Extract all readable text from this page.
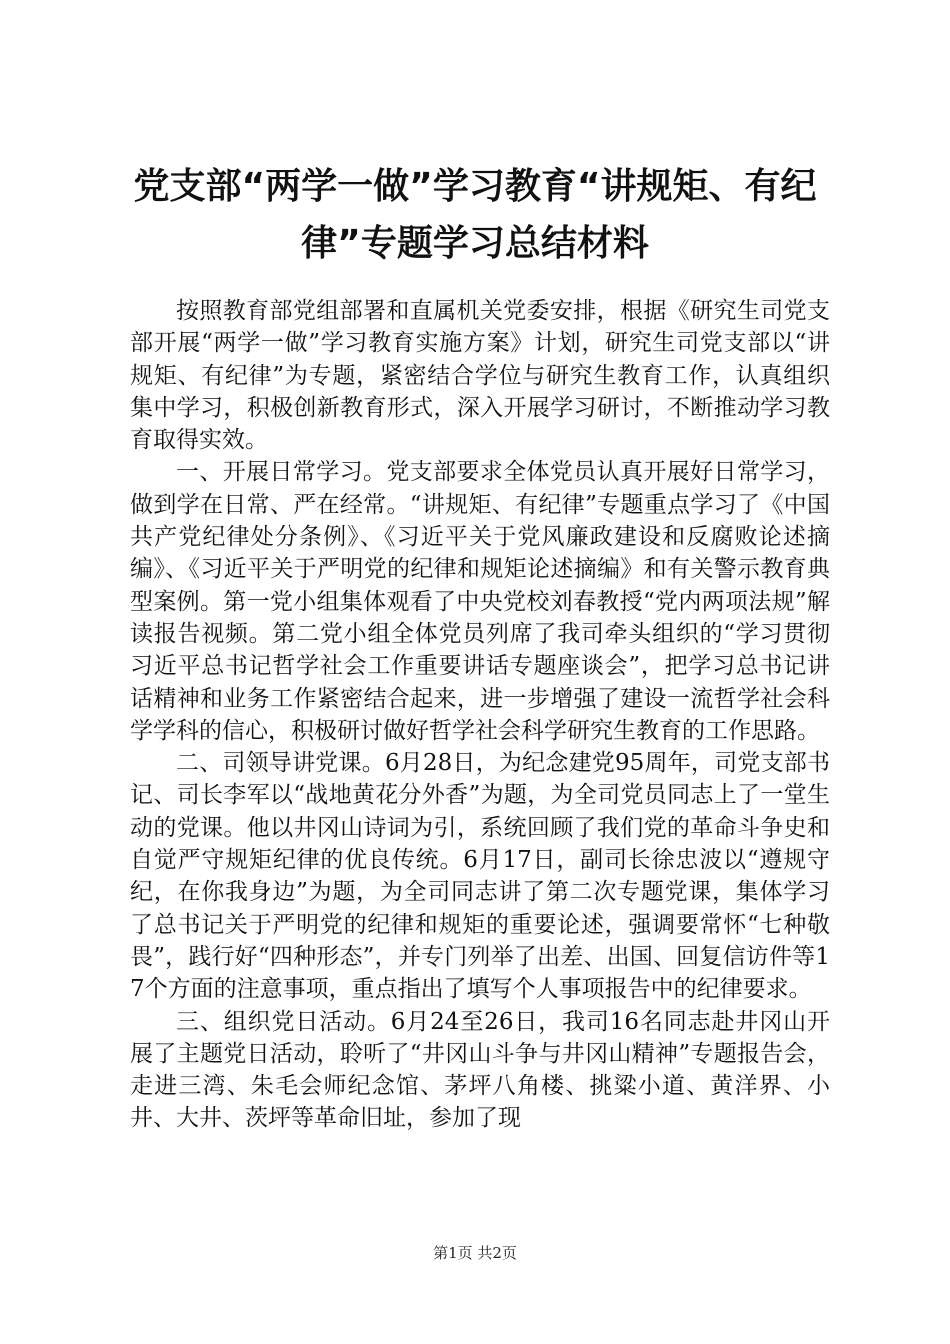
党支部“两学一做”学习教育“讲规矩、有纪律”专题学习总结材料

按照教育部党组部署和直属机关党委安排，根据《研究生司党支部开展“两学一做”学习教育实施方案》计划，研究生司党支部以“讲规矩、有纪律”为专题，紧密结合学位与研究生教育工作，认真组织集中学习，积极创新教育形式，深入开展学习研讨，不断推动学习教育取得实效。

一、开展日常学习。党支部要求全体党员认真开展好日常学习，做到学在日常、严在经常。“讲规矩、有纪律”专题重点学习了《中国共产党纪律处分条例》、《习近平关于党风廉政建设和反腐败论述摘编》、《习近平关于严明党的纪律和规矩论述摘编》和有关警示教育典型案例。第一党小组集体观看了中央党校刘春教授“党内两项法规”解读报告视频。第二党小组全体党员列席了我司牵头组织的“学习贯彻习近平总书记哲学社会工作重要讲话专题座谈会”，把学习总书记讲话精神和业务工作紧密结合起来，进一步增强了建设一流哲学社会科学学科的信心，积极研讨做好哲学社会科学研究生教育的工作思路。

二、司领导讲党课。6月28日，为纪念建党95周年，司党支部书记、司长李军以“战地黄花分外香”为题，为全司党员同志上了一堂生动的党课。他以井冈山诗词为引，系统回顾了我们党的革命斗争史和自觉严守规矩纪律的优良传统。6月17日，副司长徐忠波以“遵规守纪，在你我身边”为题，为全司同志讲了第二次专题党课，集体学习了总书记关于严明党的纪律和规矩的重要论述，强调要常怀“七种敬畏”，践行好“四种形态”，并专门列举了出差、出国、回复信访件等17个方面的注意事项，重点指出了填写个人事项报告中的纪律要求。

三、组织党日活动。6月24至26日，我司16名同志赴井冈山开展了主题党日活动，聆听了“井冈山斗争与井冈山精神”专题报告会，走进三湾、朱毛会师纪念馆、茅坪八角楼、挑粱小道、黄洋界、小井、大井、茨坪等革命旧址，参加了现

第1页 共2页
